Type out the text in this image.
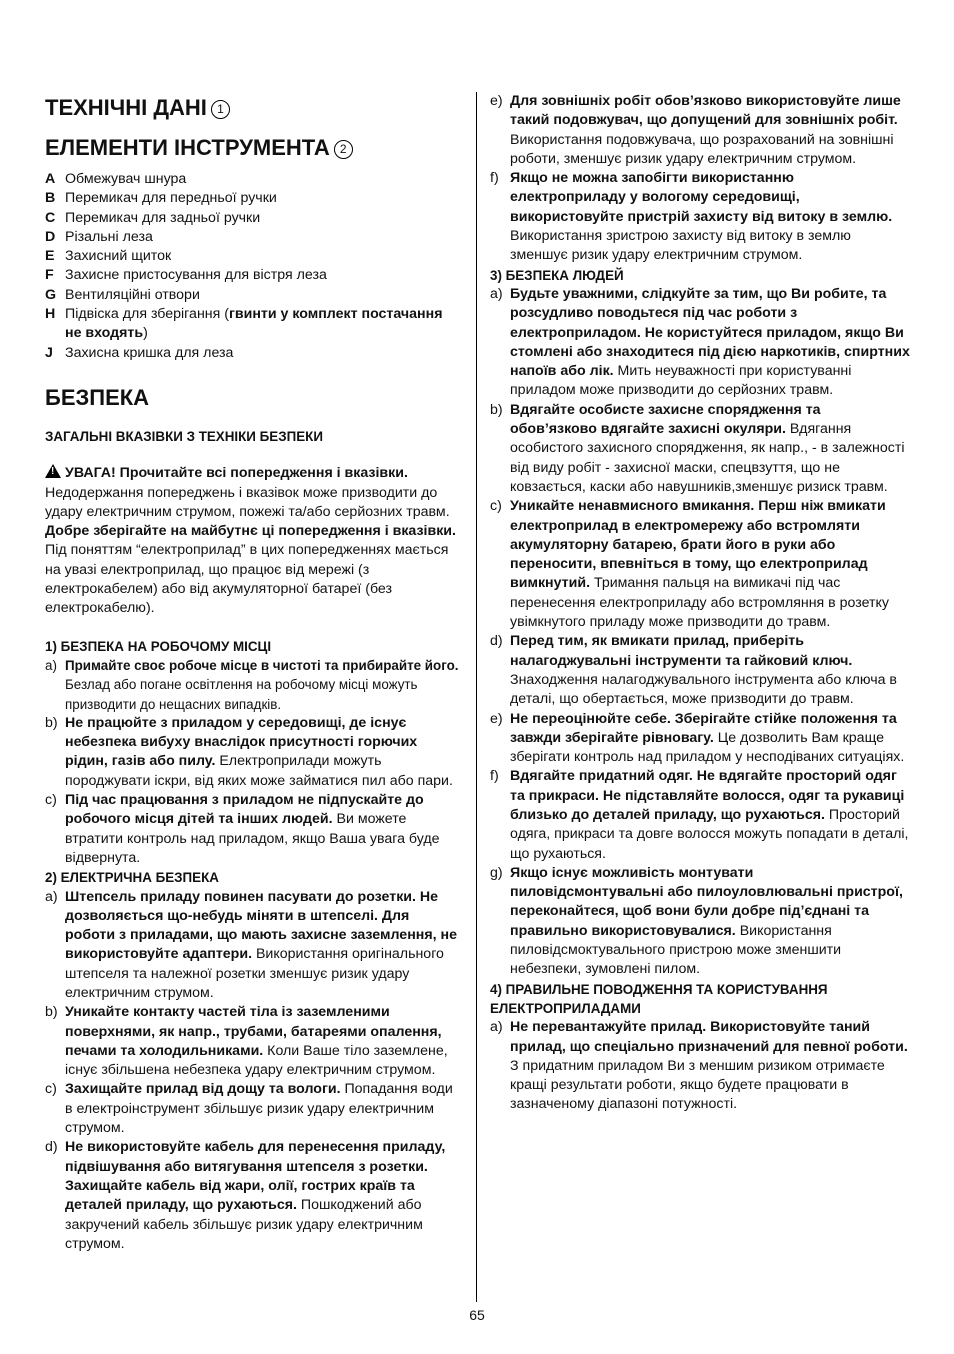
ТЕХНІЧНІ ДАНІ 1
ЕЛЕМЕНТИ ІНСТРУМЕНТА 2
A Обмежувач шнура
B Перемикач для передньої ручки
C Перемикач для задньої ручки
D Різальні леза
E Захисний щиток
F Захисне пристосування для вістря леза
G Вентиляційні отвори
H Підвіска для зберігання (гвинти у комплект постачання не входять)
J Захисна кришка для леза
БЕЗПЕКА

ЗАГАЛЬНІ ВКАЗІВКИ З ТЕХНІКИ БЕЗПЕКИ

!УВАГА! Прочитайте всі попередження і вказівки. Недодержання попереджень і вказівок може призводити до удару електричним струмом, пожежі та/або серйозних травм. Добре зберігайте на майбутнє ці попередження і вказівки. Під поняттям “електроприлад” в цих попередженнях мається на увазі електроприлад, що працює від мережі (з електрокабелем) або від акумуляторної батареї (без електрокабелю).

1) БЕЗПЕКА НА РОБОЧОМУ МІСЦІ

a) Примайте своє робоче місце в чистоті та прибирайте його. Безлад або погане освітлення на робочому місці можуть призводити до нещасних випадків.
b) Не працюйте з приладом у середовищі, де існує небезпека вибуху внаслідок присутності горючих рідин, газів або пилу. Електроприлади можуть породжувати іскри, від яких може займатися пил або пари.
c) Під час працювання з приладом не підпускайте до робочого місця дітей та інших людей. Ви можете втратити контроль над приладом, якщо Ваша увага буде відвернута.

2) ЕЛЕКТРИЧНА БЕЗПЕКА

a) Штепсель приладу повинен пасувати до розетки. Не дозволяється що-небудь міняти в штепселі. Для роботи з приладами, що мають захисне заземлення, не використовуйте адаптери. Використання оригінального штепселя та належної розетки зменшує ризик удару електричним струмом.
b) Уникайте контакту частей тіла із заземленими поверхнями, як напр., трубами, батареями опалення, печами та холодильниками. Коли Ваше тіло заземлене, існує збільшена небезпека удару електричним струмом.
c) Захищайте прилад від дощу та вологи. Попадання води в електроінструмент збільшує ризик удару електричним струмом.
d) Не використовуйте кабель для перенесення приладу, підвішування або витягування штепселя з розетки. Захищайте кабель від жари, олії, гострих країв та деталей приладу, що рухаються. Пошкоджений або закручений кабель збільшує ризик удару електричним струмом.
e) Для зовнішніх робіт обов’язково використовуйте лише такий подовжувач, що допущений для зовнішніх робіт. Використання подовжувача, що розрахований на зовнішні роботи, зменшує ризик удару електричним струмом.
f) Якщо не можна запобігти використанню електроприладу у вологому середовищі, використовуйте пристрій захисту від витоку в землю. Використання зристрою захисту від витоку в землю зменшує ризик удару електричним струмом.

3) БЕЗПЕКА ЛЮДЕЙ

a) Будьте уважними, слідкуйте за тим, що Ви робите, та розсудливо поводьтеся під час роботи з електроприладом. Не користуйтеся приладом, якщо Ви стомлені або знаходитеся під дією наркотиків, спиртних напоїв або лік. Мить неуважності при користуванні приладом може призводити до серйозних травм.
b) Вдягайте особисте захисне спорядження та обов’язково вдягайте захисні окуляри. Вдягання особистого захисного спорядження, як напр., - в залежності від виду робіт - захисної маски, спецвзуття, що не ковзається, каски або навушників,зменшує ризиск травм.
c) Уникайте ненавмисного вмикання. Перш ніж вмикати електроприлад в електромережу або встромляти акумуляторну батарею, брати його в руки або переносити, впевніться в тому, що електроприлад вимкнутий. Тримання пальця на вимикачі під час перенесення електроприладу або встромляння в розетку увімкнутого приладу може призводити до травм.
d) Перед тим, як вмикати прилад, приберіть налагоджувальні інструменти та гайковий ключ. Знаходження налагоджувального інструмента або ключа в деталі, що обертається, може призводити до травм.
e) Не переоцінюйте себе. Зберігайте стійке положення та завжди зберігайте рівновагу. Це дозволить Вам краще зберігати контроль над приладом у несподіваних ситуаціях.
f) Вдягайте придатний одяг. Не вдягайте просторий одяг та прикраси. Не підставляйте волосся, одяг та рукавиці близько до деталей приладу, що рухаються. Просторий одяга, прикраси та довге волосся можуть попадати в деталі, що рухаються.
g) Якщо існує можливість монтувати пиловідсмонтувальні або пилоуловлювальні пристрої, переконайтеся, щоб вони були добре під’єднані та правильно використовувалися. Використання пиловідсмоктувального пристрою може зменшити небезпеки, зумовлені пилом.

4) ПРАВИЛЬНЕ ПОВОДЖЕННЯ ТА КОРИСТУВАННЯ ЕЛЕКТРОПРИЛАДАМИ

a) Не перевантажуйте прилад. Використовуйте таний прилад, що спеціально призначений для певної роботи. З придатним приладом Ви з меншим ризиком отримаєте кращі результати роботи, якщо будете працювати в зазначеному діапазоні потужності.
65
